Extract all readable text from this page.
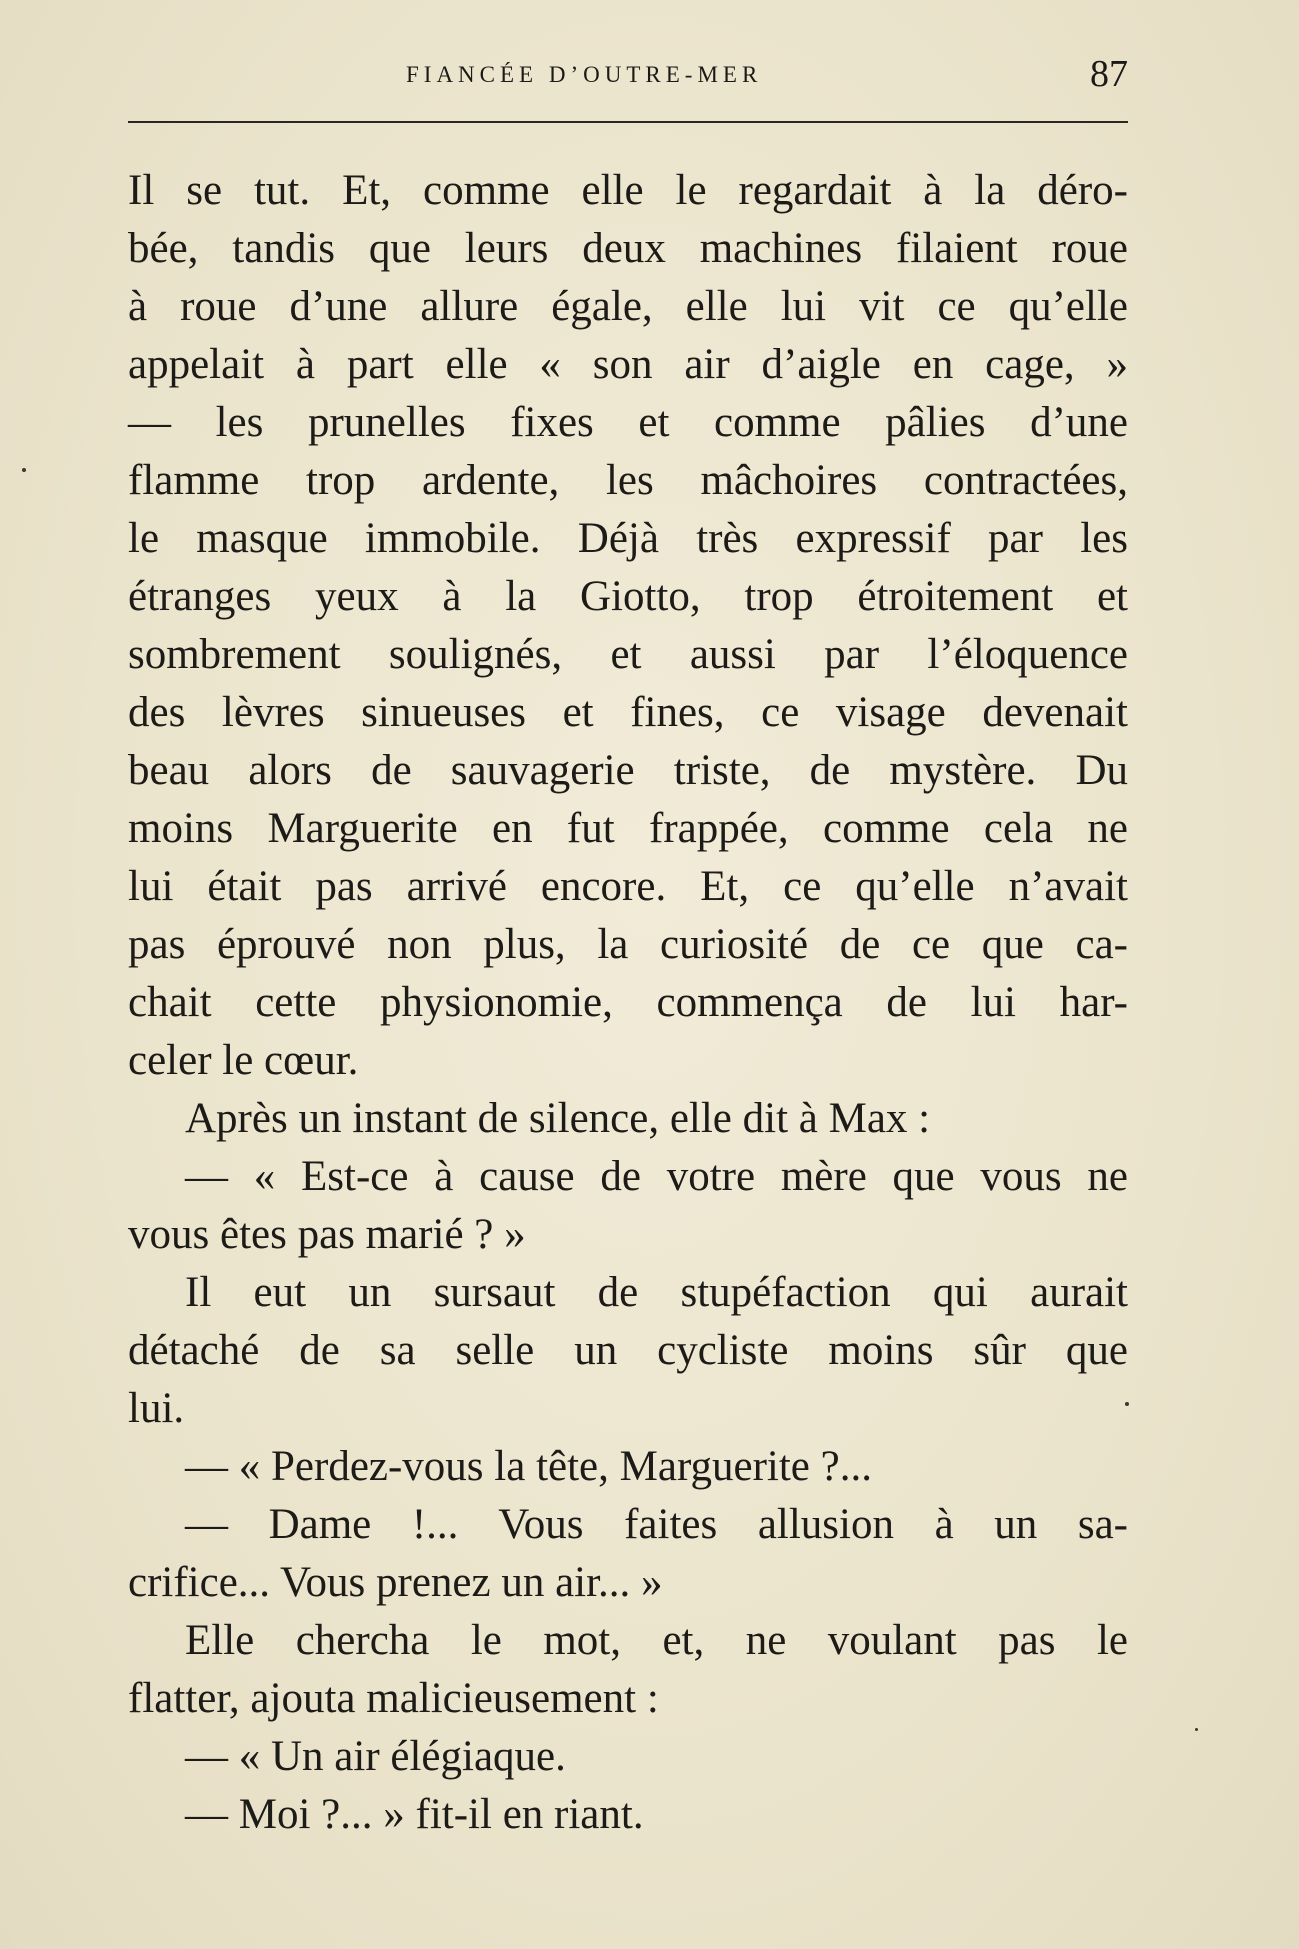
FIANCÉE D’OUTRE-MER	87
Il se tut. Et, comme elle le regardait à la déro-
bée, tandis que leurs deux machines filaient roue
à roue d’une allure égale, elle lui vit ce qu’elle
appelait à part elle « son air d’aigle en cage, »
— les prunelles fixes et comme pâlies d’une
flamme trop ardente, les mâchoires contractées,
le masque immobile. Déjà très expressif par les
étranges yeux à la Giotto, trop étroitement et
sombrement soulignés, et aussi par l’éloquence
des lèvres sinueuses et fines, ce visage devenait
beau alors de sauvagerie triste, de mystère. Du
moins Marguerite en fut frappée, comme cela ne
lui était pas arrivé encore. Et, ce qu’elle n’avait
pas éprouvé non plus, la curiosité de ce que ca-
chait cette physionomie, commença de lui har-
celer le cœur.
Après un instant de silence, elle dit à Max :
— « Est-ce à cause de votre mère que vous ne
vous êtes pas marié ? »
Il eut un sursaut de stupéfaction qui aurait
détaché de sa selle un cycliste moins sûr que
lui.
— « Perdez-vous la tête, Marguerite ?...
— Dame !... Vous faites allusion à un sa-
crifice... Vous prenez un air... »
Elle chercha le mot, et, ne voulant pas le
flatter, ajouta malicieusement :
— « Un air élégiaque.
— Moi ?... » fit-il en riant.
